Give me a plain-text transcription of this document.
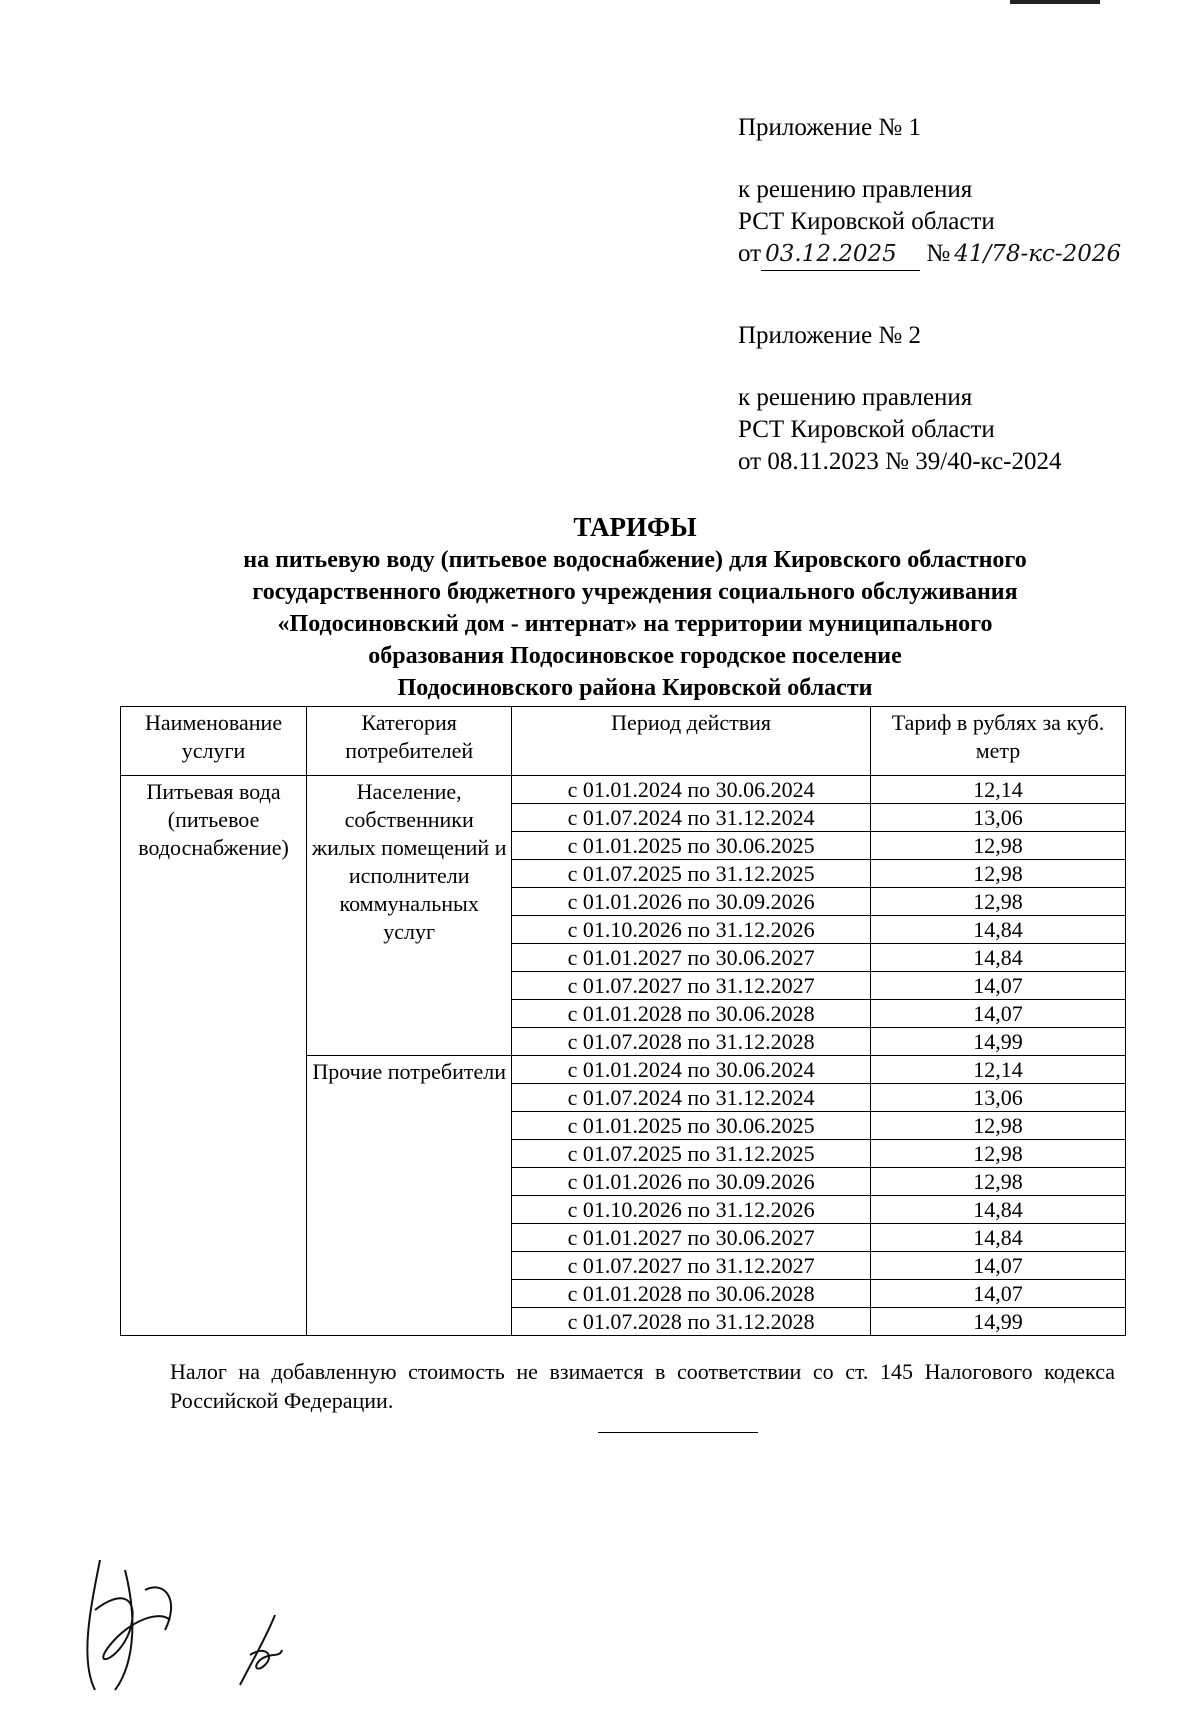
Приложение № 1
к решению правления
РСТ Кировской области
от 03.12.2025 № 41/78-кс-2026
Приложение № 2
к решению правления
РСТ Кировской области
от 08.11.2023 № 39/40-кс-2024
ТАРИФЫ
на питьевую воду (питьевое водоснабжение) для Кировского областного
государственного бюджетного учреждения социального обслуживания
«Подосиновский дом - интернат» на территории муниципального
образования Подосиновское городское поселение
Подосиновского района Кировской области
Наименование услуги	Категория потребителей	Период действия	Тариф в рублях за куб. метр
Питьевая вода (питьевое водоснабжение)	Население, собственники жилых помещений и исполнители коммунальных услуг	с 01.01.2024 по 30.06.2024	12,14
		с 01.07.2024 по 31.12.2024	13,06
		с 01.01.2025 по 30.06.2025	12,98
		с 01.07.2025 по 31.12.2025	12,98
		с 01.01.2026 по 30.09.2026	12,98
		с 01.10.2026 по 31.12.2026	14,84
		с 01.01.2027 по 30.06.2027	14,84
		с 01.07.2027 по 31.12.2027	14,07
		с 01.01.2028 по 30.06.2028	14,07
		с 01.07.2028 по 31.12.2028	14,99
	Прочие потребители	с 01.01.2024 по 30.06.2024	12,14
		с 01.07.2024 по 31.12.2024	13,06
		с 01.01.2025 по 30.06.2025	12,98
		с 01.07.2025 по 31.12.2025	12,98
		с 01.01.2026 по 30.09.2026	12,98
		с 01.10.2026 по 31.12.2026	14,84
		с 01.01.2027 по 30.06.2027	14,84
		с 01.07.2027 по 31.12.2027	14,07
		с 01.01.2028 по 30.06.2028	14,07
		с 01.07.2028 по 31.12.2028	14,99
Налог на добавленную стоимость не взимается в соответствии со ст. 145 Налогового кодекса Российской Федерации.
